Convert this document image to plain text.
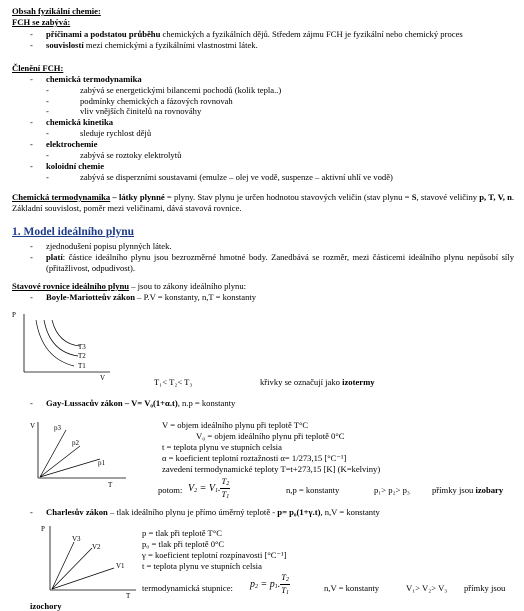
Obsah fyzikální chemie:
FCH se zabývá:
- příčinami a podstatou průběhu chemických a fyzikálních dějů. Středem zájmu FCH je fyzikální nebo chemický proces
- souvislostí mezi chemickými a fyzikálními vlastnostmi látek.
Členění FCH:
- chemická termodynamika
-	zabývá se energetickými bilancemi pochodů (kolik tepla..)
-	podmínky chemických a fázových rovnovah
-	vliv vnějších činitelů na rovnováhy
- chemická kinetika
-	sleduje rychlost dějů
- elektrochemie
-	zabývá se roztoky elektrolytů
- koloidní chemie
-	zabývá se disperzními soustavami (emulze – olej ve vodě, suspenze – aktivní uhlí ve vodě)
Chemická termodynamika – látky plynné = plyny. Stav plynu je určen hodnotou stavových veličin (stav plynu = S, stavové veličiny p, T, V, n. Základní souvislost, poměr mezi veličinami, dává stavová rovnice.
1. Model ideálního plynu
- zjednodušení popisu plynných látek.
- platí: částice ideálního plynu jsou bezrozměrné hmotné body. Zanedbává se rozměr, mezi částicemi ideálního plynu nepůsobí síly (přitažlivost, odpudivost).
Stavové rovnice ideálního plynu – jsou to zákony ideálního plynu:
- Boyle-Mariotteův zákon – P.V = konstanty, n,T = konstanty
P
V
T3
T2
T1
T₁< T₂< T₃	křivky se označují jako izotermy
- Gay-Lussacův zákon – V= V₀(1+α.t), n.p = konstanty
V
T
p3
p2
p1
V = objem ideálního plynu při teplotě T°C
V₀ = objem ideálního plynu při teplotě 0°C
t = teplota plynu ve stupních celsia
α = koeficient teplotní roztažnosti α= 1/273,15 [°C⁻¹]
zavedení termodynamické teploty T=t+273,15 [K] (K=kelviny)
potom: $V_2 = V_1$. $\frac{T_2}{T_1}$	n,p = konstanty	p₁> p₂> p₃	přímky jsou izobary
- Charlesův zákon – tlak ideálního plynu je přímo úměrný teplotě - p= p₀(1+γ.t), n,V = konstanty
P
T
V3
V2
V1
p = tlak při teplotě T°C
p₀ = tlak při teplotě 0°C
γ = koeficient teplotní rozpínavosti [°C⁻¹]
t = teplota plynu ve stupních celsia
termodynamická stupnice: $p_2 = p_1$. $\frac{T_2}{T_1}$	n,V = konstanty	V₁> V₂> V₃ přímky jsou
izochory
